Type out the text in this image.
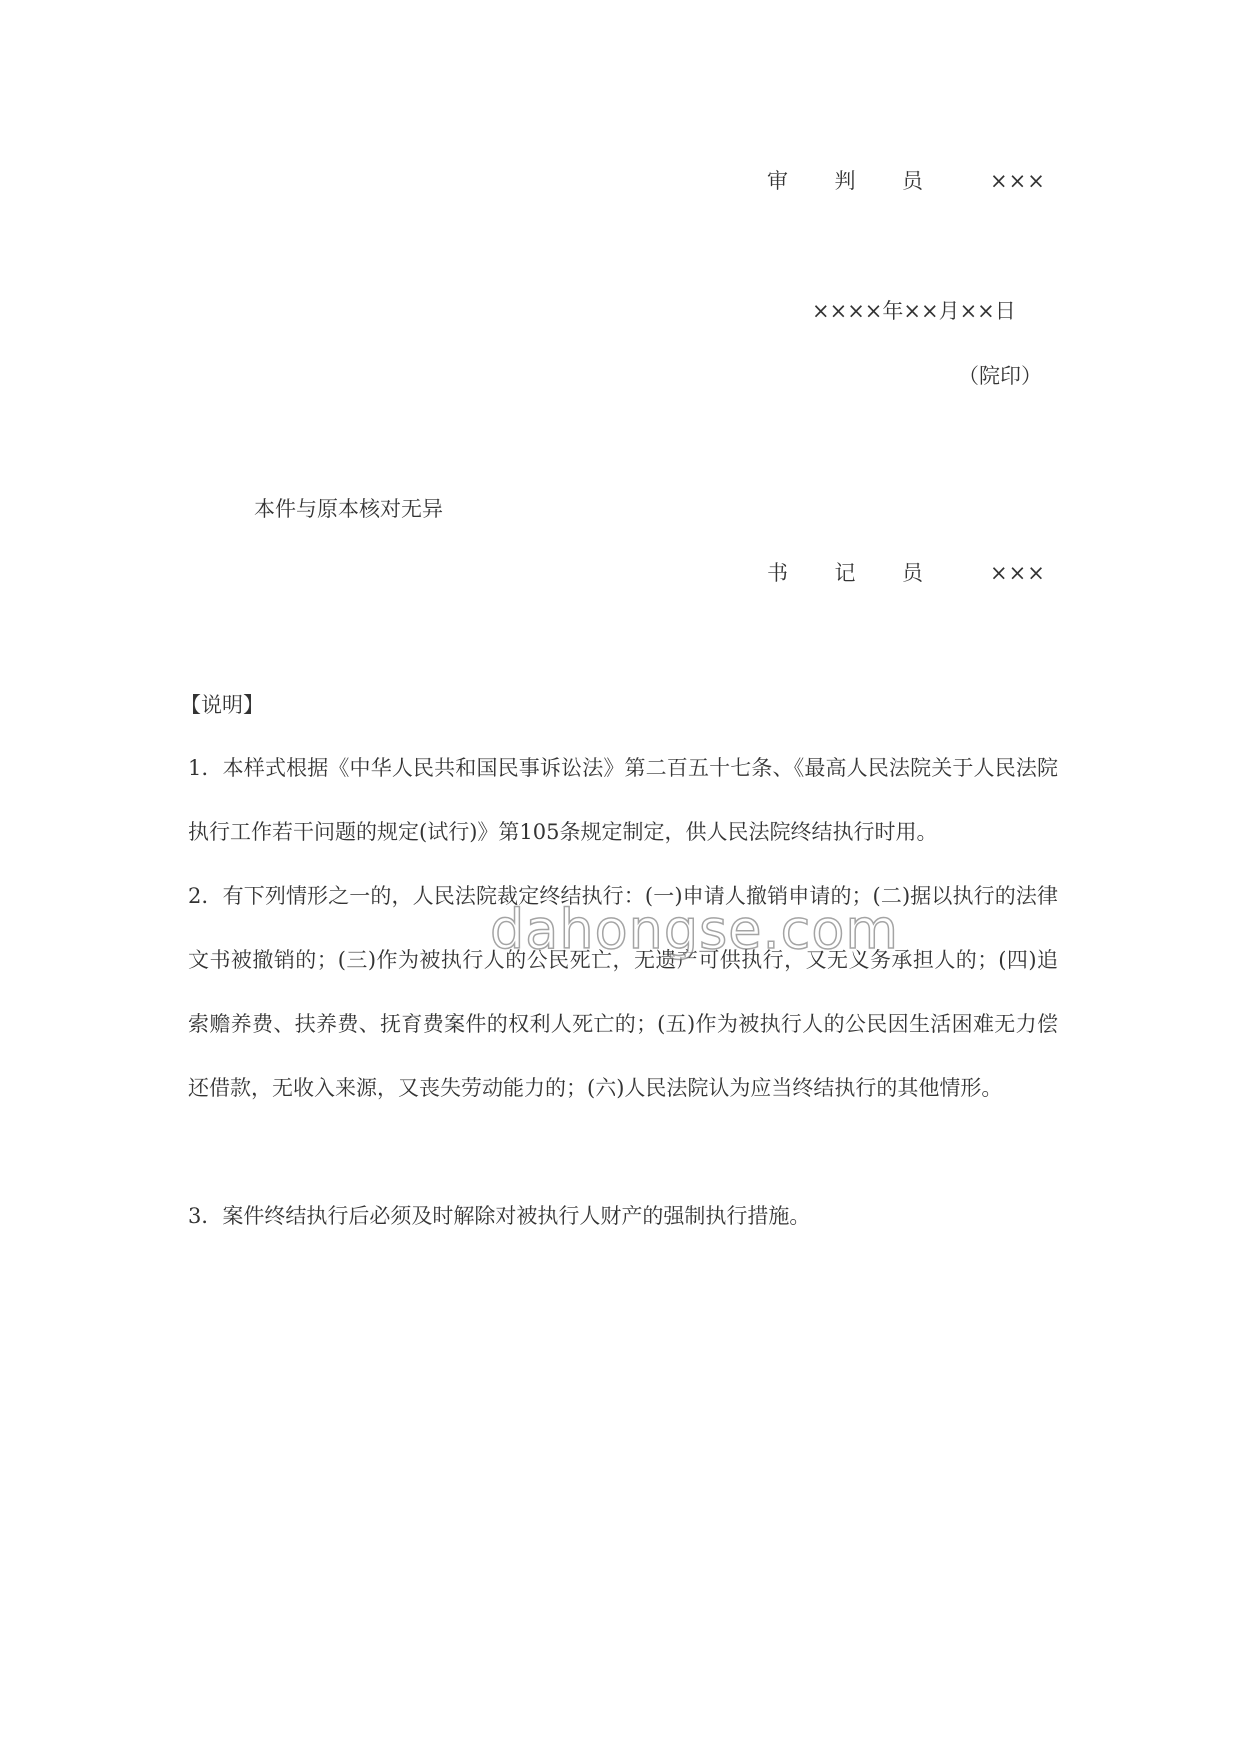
审 判 员	×××
××××年××月××日
（院印）
本件与原本核对无异
书 记 员	×××
【说明】
1．本样式根据《中华人民共和国民事诉讼法》第二百五十七条、《最高人民法院关于人民法院执行工作若干问题的规定(试行)》第105条规定制定，供人民法院终结执行时用。
2．有下列情形之一的，人民法院裁定终结执行：(一)申请人撤销申请的；(二)据以执行的法律文书被撤销的；(三)作为被执行人的公民死亡，无遗产可供执行，又无义务承担人的；(四)追索赡养费、扶养费、抚育费案件的权利人死亡的；(五)作为被执行人的公民因生活困难无力偿还借款，无收入来源，又丧失劳动能力的；(六)人民法院认为应当终结执行的其他情形。
3．案件终结执行后必须及时解除对被执行人财产的强制执行措施。
dahongse.com
